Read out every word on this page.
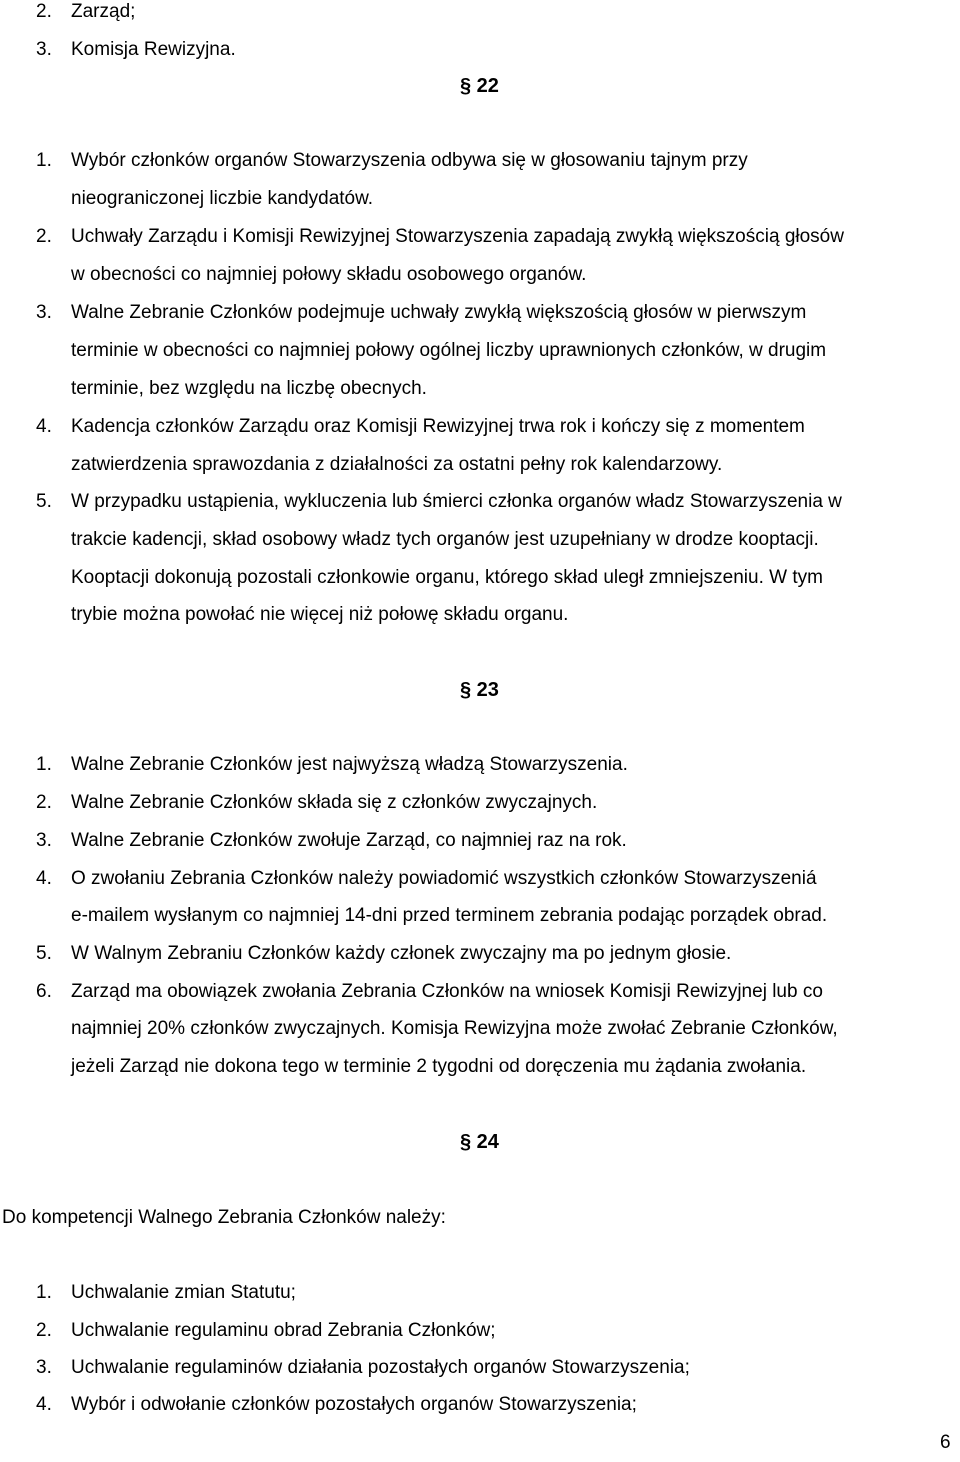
2. Zarząd;
3. Komisja Rewizyjna.
§ 22
1. Wybór członków organów Stowarzyszenia odbywa się w głosowaniu tajnym przy
nieograniczonej liczbie kandydatów.
2. Uchwały Zarządu i Komisji Rewizyjnej Stowarzyszenia zapadają zwykłą większością głosów
w obecności co najmniej połowy składu osobowego organów.
3. Walne Zebranie Członków podejmuje uchwały zwykłą większością głosów w pierwszym
terminie w obecności co najmniej połowy ogólnej liczby uprawnionych członków, w drugim
terminie, bez względu na liczbę obecnych.
4. Kadencja członków Zarządu oraz Komisji Rewizyjnej trwa rok i kończy się z momentem
zatwierdzenia sprawozdania z działalności za ostatni pełny rok kalendarzowy.
5. W przypadku ustąpienia, wykluczenia lub śmierci członka organów władz Stowarzyszenia w
trakcie kadencji, skład osobowy władz tych organów jest uzupełniany w drodze kooptacji.
Kooptacji dokonują pozostali członkowie organu, którego skład uległ zmniejszeniu. W tym
trybie można powołać nie więcej niż połowę składu organu.
§ 23
1. Walne Zebranie Członków jest najwyższą władzą Stowarzyszenia.
2. Walne Zebranie Członków składa się z członków zwyczajnych.
3. Walne Zebranie Członków zwołuje Zarząd, co najmniej raz na rok.
4. O zwołaniu Zebrania Członków należy powiadomić wszystkich członków Stowarzyszeniá
e-mailem wysłanym co najmniej 14-dni przed terminem zebrania podając porządek obrad.
5. W Walnym Zebraniu Członków każdy członek zwyczajny ma po jednym głosie.
6. Zarząd ma obowiązek zwołania Zebrania Członków na wniosek Komisji Rewizyjnej lub co
najmniej 20% członków zwyczajnych. Komisja Rewizyjna może zwołać Zebranie Członków,
jeżeli Zarząd nie dokona tego w terminie 2 tygodni od doręczenia mu żądania zwołania.
§ 24
Do kompetencji Walnego Zebrania Członków należy:
1. Uchwalanie zmian Statutu;
2. Uchwalanie regulaminu obrad Zebrania Członków;
3. Uchwalanie regulaminów działania pozostałych organów Stowarzyszenia;
4. Wybór i odwołanie członków pozostałych organów Stowarzyszenia;
6
